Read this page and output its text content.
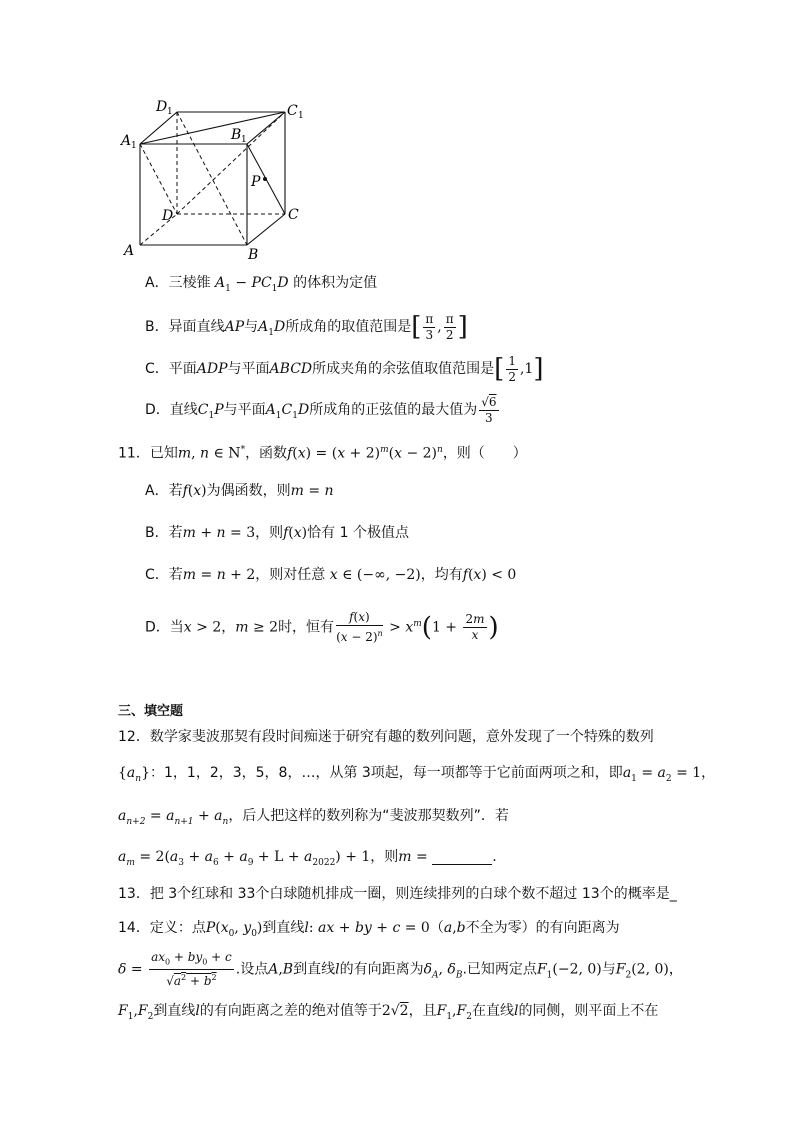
D 1	C 1
A 1
B 1
P
D	C
A	B
A．三棱锥 $A_1 - PC_1D$ 的体积为定值
B．异面直线AP与$A_1D$所成角的取值范围是[ $\frac{\pi}{3}$ , $\frac{\pi}{2}$ ]
C．平面ADP与平面ABCD所成夹角的余弦值取值范围是[ $\frac{1}{2} ,1$]
D．直线$C_1P$与平面$A_1C_1D$所成角的正弦值的最大值为 $\frac{√6}{3}$
11．已知m, n ∈ N*，函数$f(x) = (x + 2)^m(x - 2)^n$，则（　　）
A．若f(x)为偶函数，则m = n
B．若m + n = 3，则f(x)恰有 1 个极值点
C．若m = n + 2，则对任意 x ∈ (−∞, −2)，均有f(x) < 0
D．当x > 2，m ≥ 2时，恒有 $\frac{f(x)}{(x - 2)^n} > x^m(1 + \frac{2m}{x}$ )
三、填空题
12．数学家斐波那契有段时间痴迷于研究有趣的数列问题，意外发现了一个特殊的数列
$\{a_n\}$：1，1，2，3，5，8，…，从第 3项起，每一项都等于它前面两项之和，即$a_1 = a_2 = 1$，
$a_{n+2} = a_{n+1} + a_n$，后人把这样的数列称为“斐波那契数列”．若
$a_m = 2(a_3 + a_6 + a_9 + L + a_{2022}) + 1$，则m =	.
13．把 3个红球和 33个白球随机排成一圈，则连续排列的白球个数不超过 13个的概率是_
14．定义：点$P(x_0$, $y_0$)到直线l: ax + by + c = 0（a,b不全为零）的有向距离为
$\delta = \frac{ax_0 + by_0 + c}{√a^2 + b^2}$ .设点A,B到直线l的有向距离为$\delta_A$, $\delta_B$.已知两定点$F_1(-2$, 0)与$F_2(2$, 0)，
$F_1,F_2$到直线l的有向距离之差的绝对值等于2√2，且$F_1,F_2$在直线l的同侧，则平面上不在
